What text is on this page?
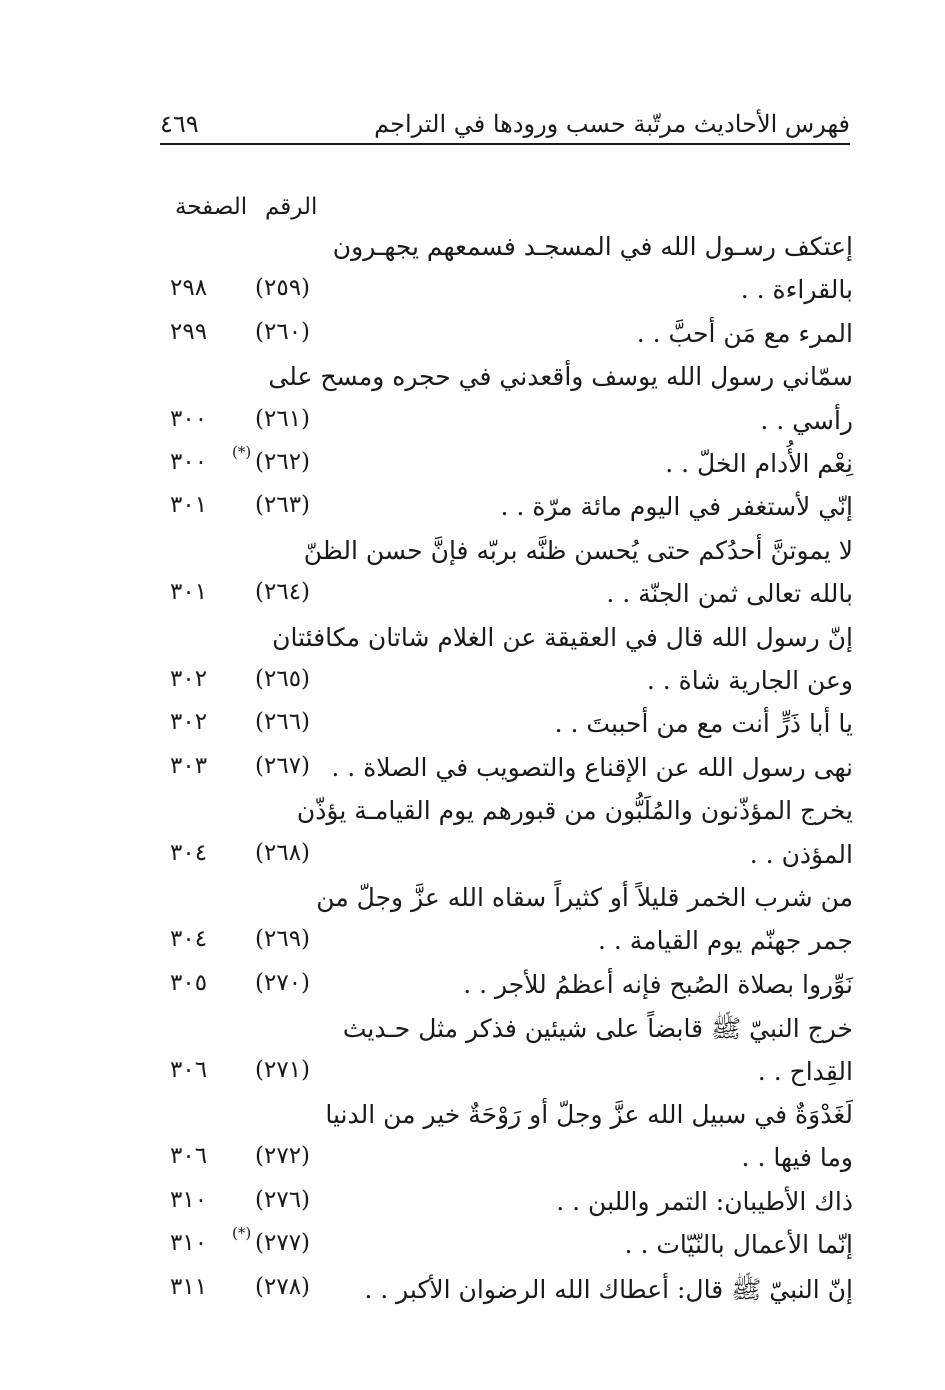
فهرس الأحاديث مرتّبة حسب ورودها في التراجم
٤٦٩
الرقم
الصفحة
إعتكف رسـول الله في المسجـد فسمعهم يجهـرون
بالقراءة . .
(٢٥٩)
٢٩٨
المرء مع مَن أحبَّ . .
(٢٦٠)
٢٩٩
سمّاني رسول الله يوسف وأقعدني في حجره ومسح على
رأسي . .
(٢٦١)
٣٠٠
نِعْم الأُدام الخلّ . .
(٢٦٢)
(*)
٣٠٠
إنّي لأستغفر في اليوم مائة مرّة . .
(٢٦٣)
٣٠١
لا يموتنَّ أحدُكم حتى يُحسن ظنَّه بربّه فإنَّ حسن الظنّ
بالله تعالى ثمن الجنّة . .
(٢٦٤)
٣٠١
إنّ رسول الله قال في العقيقة عن الغلام شاتان مكافئتان
وعن الجارية شاة . .
(٢٦٥)
٣٠٢
يا أبا ذَرٍّ أنت مع من أحببتَ . .
(٢٦٦)
٣٠٢
نهى رسول الله عن الإقناع والتصويب في الصلاة . .
(٢٦٧)
٣٠٣
يخرج المؤذّنون والمُلَبُّون من قبورهم يوم القيامـة يؤذّن
المؤذن . .
(٢٦٨)
٣٠٤
من شرب الخمر قليلاً أو كثيراً سقاه الله عزَّ وجلّ من
جمر جهنّم يوم القيامة . .
(٢٦٩)
٣٠٤
نَوِّروا بصلاة الصُبح فإنه أعظمُ للأجر . .
(٢٧٠)
٣٠٥
خرج النبيّ ﷺ قابضاً على شيئين فذكر مثل حـديث
القِداح . .
(٢٧١)
٣٠٦
لَغَدْوَةٌ في سبيل الله عزَّ وجلّ أو رَوْحَةٌ خير من الدنيا
وما فيها . .
(٢٧٢)
٣٠٦
ذاك الأطيبان: التمر واللبن . .
(٢٧٦)
٣١٠
إنّما الأعمال بالنّيّات . .
(٢٧٧)
(*)
٣١٠
إنّ النبيّ ﷺ قال: أعطاك الله الرضوان الأكبر . .
(٢٧٨)
٣١١
